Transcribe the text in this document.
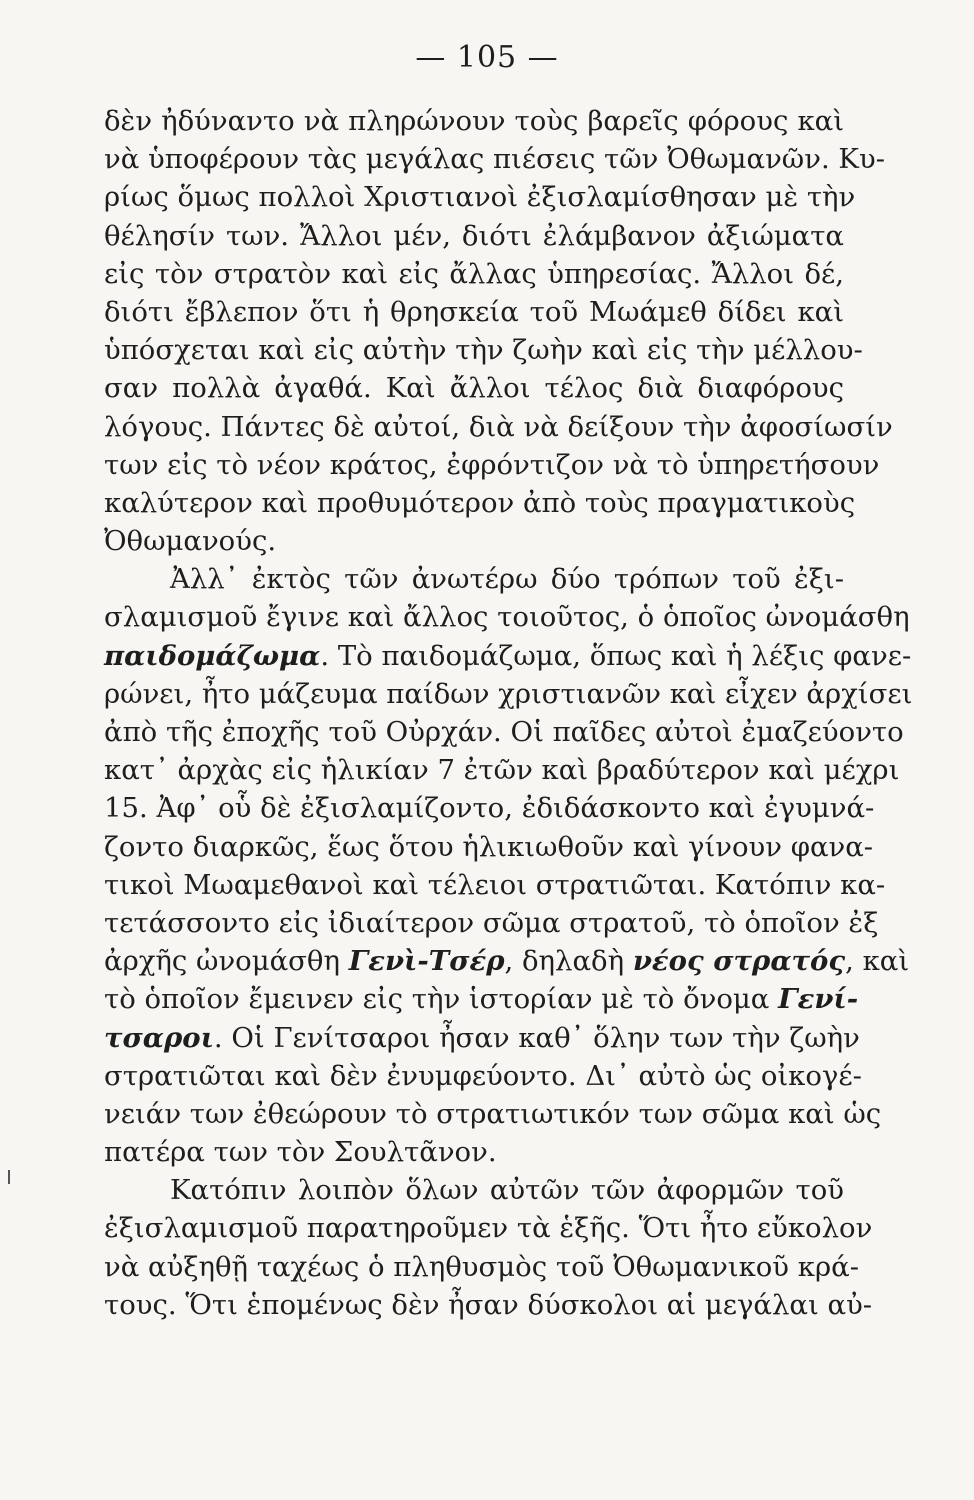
— 105 —
δὲν ἠδύναντο νὰ πληρώνουν τοὺς βαρεῖς φόρους καὶ
νὰ ὑποφέρουν τὰς μεγάλας πιέσεις τῶν Ὀθωμανῶν. Κυ-
ρίως ὅμως πολλοὶ Χριστιανοὶ ἐξισλαμίσθησαν μὲ τὴν
θέλησίν των. Ἄλλοι μέν, διότι ἐλάμβανον ἀξιώματα
εἰς τὸν στρατὸν καὶ εἰς ἄλλας ὑπηρεσίας. Ἄλλοι δέ,
διότι ἔβλεπον ὅτι ἡ θρησκεία τοῦ Μωάμεθ δίδει καὶ
ὑπόσχεται καὶ εἰς αὐτὴν τὴν ζωὴν καὶ εἰς τὴν μέλλου-
σαν πολλὰ ἀγαθά. Καὶ ἄλλοι τέλος διὰ διαφόρους
λόγους. Πάντες δὲ αὐτοί, διὰ νὰ δείξουν τὴν ἀφοσίωσίν
των εἰς τὸ νέον κράτος, ἐφρόντιζον νὰ τὸ ὑπηρετήσουν
καλύτερον καὶ προθυμότερον ἀπὸ τοὺς πραγματικοὺς
Ὀθωμανούς.
Ἀλλ᾽ ἐκτὸς τῶν ἀνωτέρω δύο τρόπων τοῦ ἐξι-
σλαμισμοῦ ἔγινε καὶ ἄλλος τοιοῦτος, ὁ ὁποῖος ὠνομάσθη
παιδομάζωμα. Τὸ παιδομάζωμα, ὅπως καὶ ἡ λέξις φανε-
ρώνει, ἦτο μάζευμα παίδων χριστιανῶν καὶ εἶχεν ἀρχίσει
ἀπὸ τῆς ἐποχῆς τοῦ Οὐρχάν. Οἱ παῖδες αὐτοὶ ἐμαζεύοντο
κατ᾽ ἀρχὰς εἰς ἡλικίαν 7 ἐτῶν καὶ βραδύτερον καὶ μέχρι
15. Ἀφ᾽ οὗ δὲ ἐξισλαμίζοντο, ἐδιδάσκοντο καὶ ἐγυμνά-
ζοντο διαρκῶς, ἕως ὅτου ἡλικιωθοῦν καὶ γίνουν φανα-
τικοὶ Μωαμεθανοὶ καὶ τέλειοι στρατιῶται. Κατόπιν κα-
τετάσσοντο εἰς ἰδιαίτερον σῶμα στρατοῦ, τὸ ὁποῖον ἐξ
ἀρχῆς ὠνομάσθη Γενὶ-Τσέρ, δηλαδὴ νέος στρατός, καὶ
τὸ ὁποῖον ἔμεινεν εἰς τὴν ἱστορίαν μὲ τὸ ὄνομα Γενί-
τσαροι. Οἱ Γενίτσαροι ἦσαν καθ᾽ ὅλην των τὴν ζωὴν
στρατιῶται καὶ δὲν ἐνυμφεύοντο. Δι᾽ αὐτὸ ὡς οἰκογέ-
νειάν των ἐθεώρουν τὸ στρατιωτικόν των σῶμα καὶ ὡς
πατέρα των τὸν Σουλτᾶνον.
Κατόπιν λοιπὸν ὅλων αὐτῶν τῶν ἀφορμῶν τοῦ
ἐξισλαμισμοῦ παρατηροῦμεν τὰ ἑξῆς. Ὅτι ἦτο εὔκολον
νὰ αὐξηθῇ ταχέως ὁ πληθυσμὸς τοῦ Ὀθωμανικοῦ κρά-
τους. Ὅτι ἑπομένως δὲν ἦσαν δύσκολοι αἱ μεγάλαι αὐ-
